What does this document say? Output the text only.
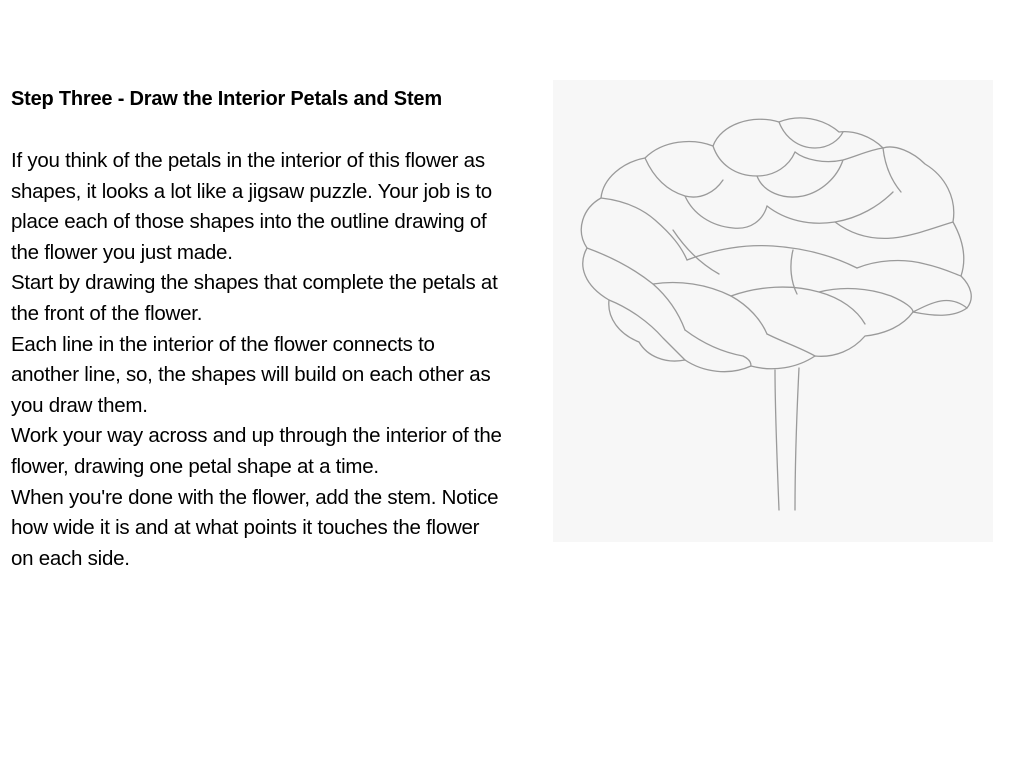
Step Three - Draw the Interior Petals and Stem

If you think of the petals in the interior of this flower as shapes, it looks a lot like a jigsaw puzzle. Your job is to place each of those shapes into the outline drawing of the flower you just made.

Start by drawing the shapes that complete the petals at the front of the flower.

Each line in the interior of the flower connects to another line, so, the shapes will build on each other as you draw them.

Work your way across and up through the interior of the flower, drawing one petal shape at a time.

When you're done with the flower, add the stem. Notice how wide it is and at what points it touches the flower on each side.
